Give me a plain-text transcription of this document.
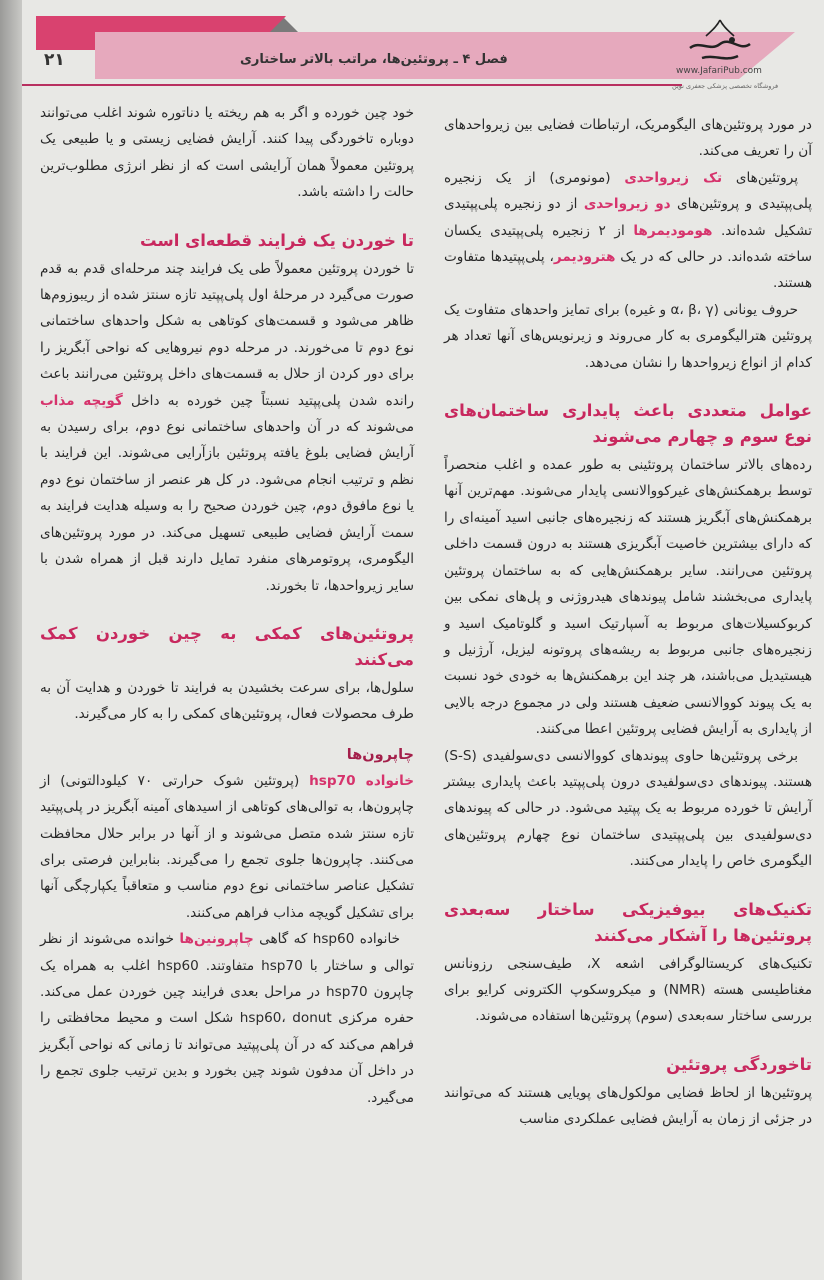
فصل ۴ ـ پروتئین‌ها، مراتب بالاتر ساختاری
۲۱
www.JafariPub.com
فروشگاه تخصصی پزشکی جعفری نوین

در مورد پروتئین‌های الیگومریک، ارتباطات فضایی بین زیرواحدهای آن را تعریف می‌کند.

پروتئین‌های تک زیرواحدی (مونومری) از یک زنجیره پلی‌پپتیدی و پروتئین‌های دو زیرواحدی از دو زنجیره پلی‌پپتیدی تشکیل شده‌اند. هومودیمرها از ۲ زنجیره پلی‌پپتیدی یکسان ساخته شده‌اند. در حالی که در یک هترودیمر، پلی‌پپتیدها متفاوت هستند.

حروف یونانی (α، β، γ و غیره) برای تمایز واحدهای متفاوت یک پروتئین هترالیگومری به کار می‌روند و زیرنویس‌های آنها تعداد هر کدام از انواع زیرواحدها را نشان می‌دهد.

عوامل متعددی باعث پایداری ساختمان‌های نوع سوم و چهارم می‌شوند

رده‌های بالاتر ساختمان پروتئینی به طور عمده و اغلب منحصراً توسط برهمکنش‌های غیرکووالانسی پایدار می‌شوند. مهم‌ترین آنها برهمکنش‌های آبگریز هستند که زنجیره‌های جانبی اسید آمینه‌ای را که دارای بیشترین خاصیت آبگریزی هستند به درون قسمت داخلی پروتئین می‌رانند. سایر برهمکنش‌هایی که به ساختمان پروتئین پایداری می‌بخشند شامل پیوندهای هیدروژنی و پل‌های نمکی بین کربوکسیلات‌های مربوط به آسپارتیک اسید و گلوتامیک اسید و زنجیره‌های جانبی مربوط به ریشه‌های پروتونه لیزیل، آرژنیل و هیستیدیل می‌باشند، هر چند این برهمکنش‌ها به خودی خود نسبت به یک پیوند کووالانسی ضعیف هستند ولی در مجموع درجه بالایی از پایداری به آرایش فضایی پروتئین اعطا می‌کنند.

برخی پروتئین‌ها حاوی پیوندهای کووالانسی دی‌سولفیدی (S-S) هستند. پیوندهای دی‌سولفیدی درون پلی‌پپتید باعث پایداری بیشتر آرایش تا خورده مربوط به یک پپتید می‌شود. در حالی که پیوندهای دی‌سولفیدی بین پلی‌پپتیدی ساختمان نوع چهارم پروتئین‌های الیگومری خاص را پایدار می‌کنند.

تکنیک‌های بیوفیزیکی ساختار سه‌بعدی پروتئین‌ها را آشکار می‌کنند

تکنیک‌های کریستالوگرافی اشعه X، طیف‌سنجی رزونانس مغناطیسی هسته (NMR) و میکروسکوپ الکترونی کرایو برای بررسی ساختار سه‌بعدی (سوم) پروتئین‌ها استفاده می‌شوند.

تاخوردگی پروتئین

پروتئین‌ها از لحاظ فضایی مولکول‌های پویایی هستند که می‌توانند در جزئی از زمان به آرایش فضایی عملکردی مناسب

خود چین خورده و اگر به هم ریخته یا دناتوره شوند اغلب می‌توانند دوباره تاخوردگی پیدا کنند. آرایش فضایی زیستی و یا طبیعی یک پروتئین معمولاً همان آرایشی است که از نظر انرژی مطلوب‌ترین حالت را داشته باشد.

تا خوردن یک فرایند قطعه‌ای است

تا خوردن پروتئین معمولاً طی یک فرایند چند مرحله‌ای قدم به قدم صورت می‌گیرد در مرحلهٔ اول پلی‌پپتید تازه سنتز شده از ریبوزوم‌ها ظاهر می‌شود و قسمت‌های کوتاهی به شکل واحدهای ساختمانی نوع دوم تا می‌خورند. در مرحله دوم نیروهایی که نواحی آبگریز را برای دور کردن از حلال به قسمت‌های داخل پروتئین می‌رانند باعث رانده شدن پلی‌پپتید نسبتاً چین خورده به داخل گویچه مذاب می‌شوند که در آن واحدهای ساختمانی نوع دوم، برای رسیدن به آرایش فضایی بلوغ یافته پروتئین بازآرایی می‌شوند. این فرایند با نظم و ترتیب انجام می‌شود. در کل هر عنصر از ساختمان نوع دوم یا نوع مافوق دوم، چین خوردن صحیح را به وسیله هدایت فرایند به سمت آرایش فضایی طبیعی تسهیل می‌کند. در مورد پروتئین‌های الیگومری، پروتومرهای منفرد تمایل دارند قبل از همراه شدن با سایر زیرواحدها، تا بخورند.

پروتئین‌های کمکی به چین خوردن کمک می‌کنند

سلول‌ها، برای سرعت بخشیدن به فرایند تا خوردن و هدایت آن به طرف محصولات فعال، پروتئین‌های کمکی را به کار می‌گیرند.

چاپرون‌ها

خانواده hsp70 (پروتئین شوک حرارتی ۷۰ کیلودالتونی) از چاپرون‌ها، به توالی‌های کوتاهی از اسیدهای آمینه آبگریز در پلی‌پپتید تازه سنتز شده متصل می‌شوند و از آنها در برابر حلال محافظت می‌کنند. چاپرون‌ها جلوی تجمع را می‌گیرند. بنابراین فرصتی برای تشکیل عناصر ساختمانی نوع دوم مناسب و متعاقباً یکپارچگی آنها برای تشکیل گویچه مذاب فراهم می‌کنند.

خانواده hsp60 که گاهی چاپرونین‌ها خوانده می‌شوند از نظر توالی و ساختار با hsp70 متفاوتند. hsp60 اغلب به همراه یک چاپرون hsp70 در مراحل بعدی فرایند چین خوردن عمل می‌کند. حفره مرکزی hsp60، donut شکل است و محیط محافظتی را فراهم می‌کند که در آن پلی‌پپتید می‌تواند تا زمانی که نواحی آبگریز در داخل آن مدفون شوند چین بخورد و بدین ترتیب جلوی تجمع را می‌گیرد.
